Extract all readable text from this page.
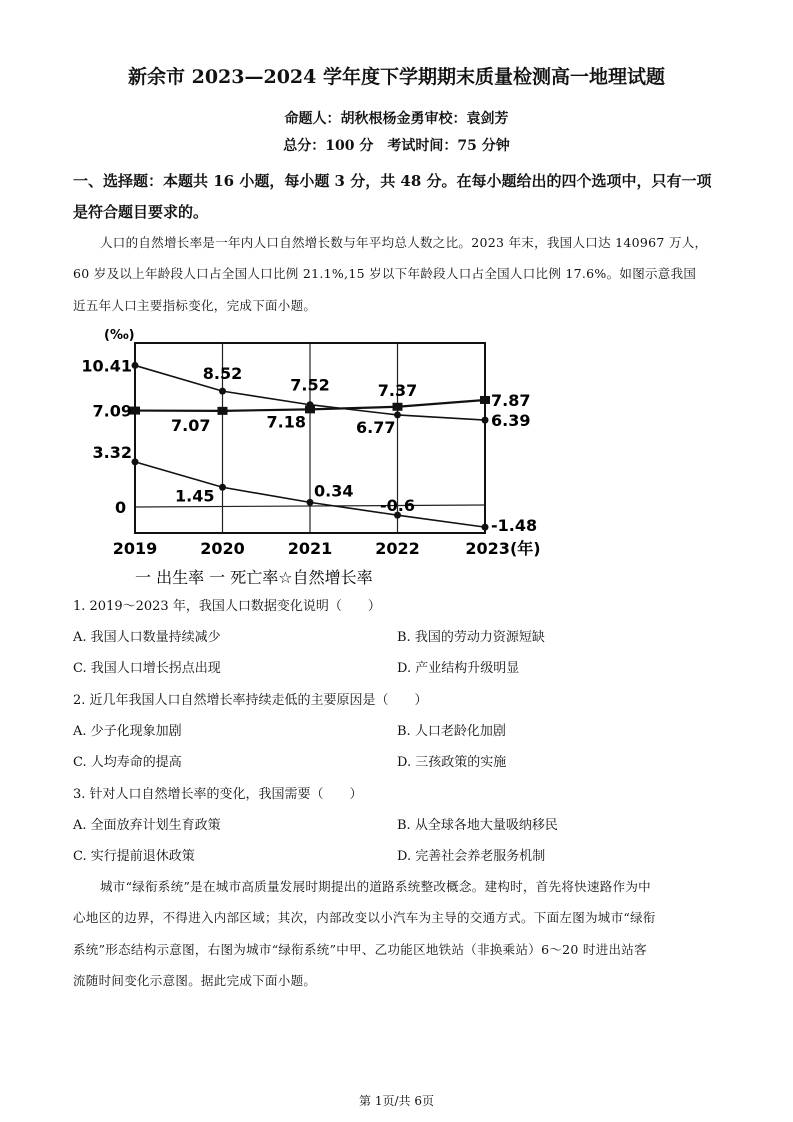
新余市 2023—2024 学年度下学期期末质量检测高一地理试题
命题人：胡秋根杨金勇审校：袁剑芳
总分：100 分　考试时间：75 分钟
一、选择题：本题共 16 小题，每小题 3 分，共 48 分。在每小题给出的四个选项中，只有一项
是符合题目要求的。
人口的自然增长率是一年内人口自然增长数与年平均总人数之比。2023 年末，我国人口达 140967 万人，
60 岁及以上年龄段人口占全国人口比例 21.1%,15 岁以下年龄段人口占全国人口比例 17.6%。如图示意我国
近五年人口主要指标变化，完成下面小题。
(‰)
一 出生率 一 死亡率☆自然增长率
0
2019	2020	2021	2022	2023(年)
10.41	8.52
7.52
6.77	6.39
7.09
7.07	7.18
7.37
7.87
3.32
1.45	0.34
-0.6
-1.48
1. 2019～2023 年，我国人口数据变化说明（　　）
A. 我国人口数量持续减少	B. 我国的劳动力资源短缺
C. 我国人口增长拐点出现	D. 产业结构升级明显
2. 近几年我国人口自然增长率持续走低的主要原因是（　　）
A. 少子化现象加剧	B. 人口老龄化加剧
C. 人均寿命的提高	D. 三孩政策的实施
3. 针对人口自然增长率的变化，我国需要（　　）
A. 全面放弃计划生育政策	B. 从全球各地大量吸纳移民
C. 实行提前退休政策	D. 完善社会养老服务机制
城市“绿衔系统”是在城市高质量发展时期提出的道路系统整改概念。建构时，首先将快速路作为中
心地区的边界，不得进入内部区域；其次，内部改变以小汽车为主导的交通方式。下面左图为城市“绿衔
系统”形态结构示意图，右图为城市“绿衔系统”中甲、乙功能区地铁站（非换乘站）6～20 时进出站客
流随时间变化示意图。据此完成下面小题。
第 1页/共 6页
